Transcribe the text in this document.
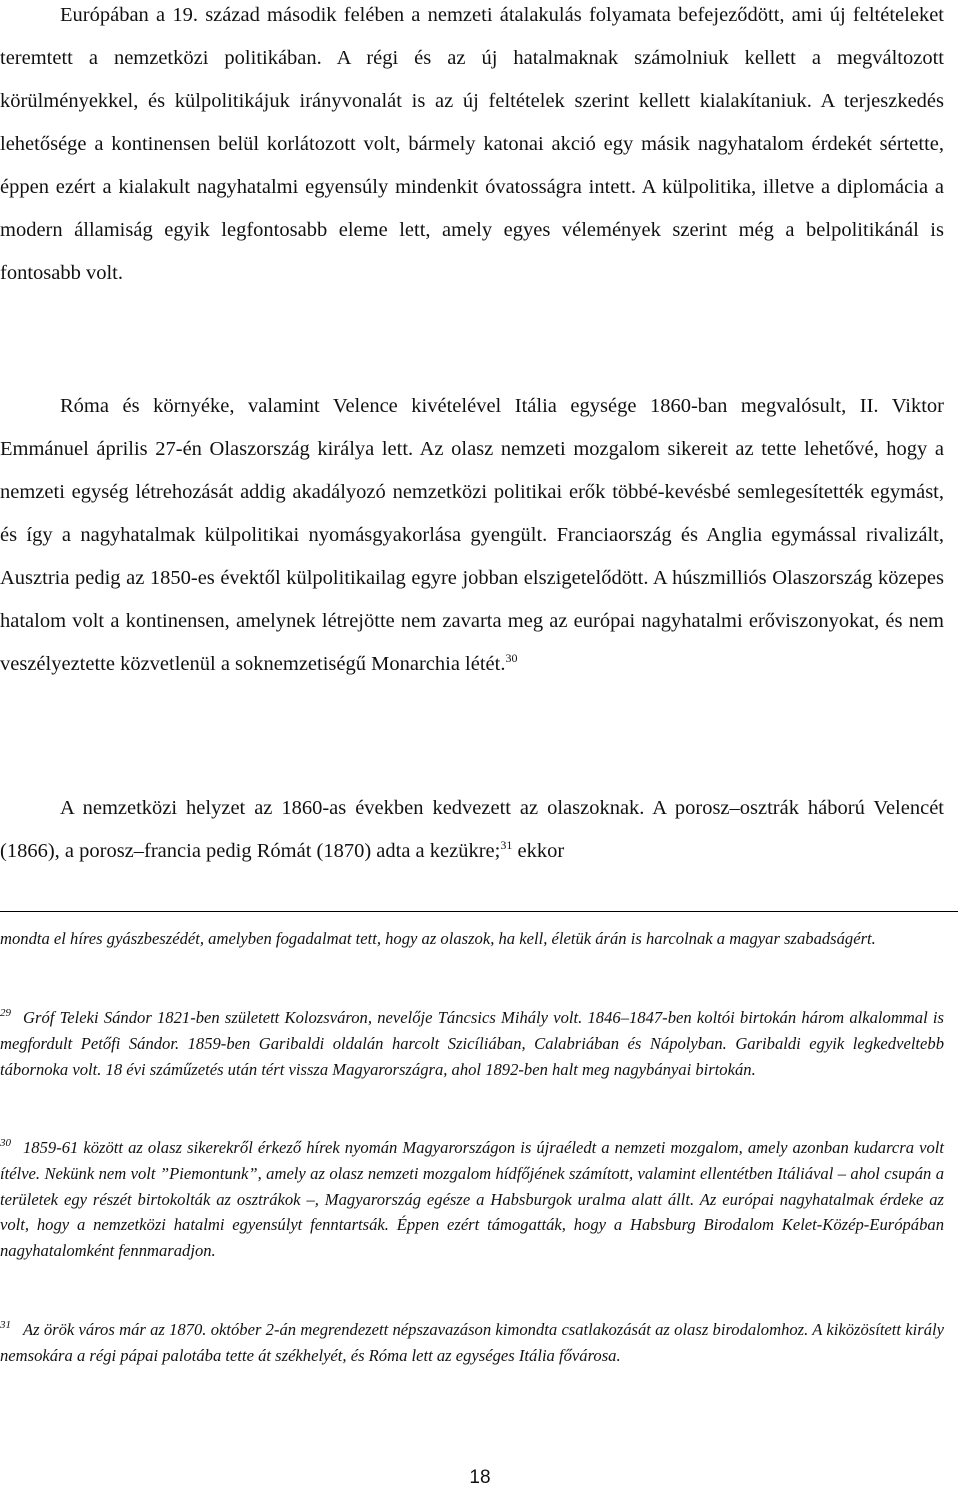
Európában a 19. század második felében a nemzeti átalakulás folyamata befejeződött, ami új feltételeket teremtett a nemzetközi politikában. A régi és az új hatalmaknak számolniuk kellett a megváltozott körülményekkel, és külpolitikájuk irányvonalát is az új feltételek szerint kellett kialakítaniuk. A terjeszkedés lehetősége a kontinensen belül korlátozott volt, bármely katonai akció egy másik nagyhatalom érdekét sértette, éppen ezért a kialakult nagyhatalmi egyensúly mindenkit óvatosságra intett. A külpolitika, illetve a diplomácia a modern államiság egyik legfontosabb eleme lett, amely egyes vélemények szerint még a belpolitikánál is fontosabb volt.

Róma és környéke, valamint Velence kivételével Itália egysége 1860-ban megvalósult, II. Viktor Emmánuel április 27-én Olaszország királya lett. Az olasz nemzeti mozgalom sikereit az tette lehetővé, hogy a nemzeti egység létrehozását addig akadályozó nemzetközi politikai erők többé-kevésbé semlegesítették egymást, és így a nagyhatalmak külpolitikai nyomásgyakorlása gyengült. Franciaország és Anglia egymással rivalizált, Ausztria pedig az 1850-es évektől külpolitikailag egyre jobban elszigetelődött. A húszmilliós Olaszország közepes hatalom volt a kontinensen, amelynek létrejötte nem zavarta meg az európai nagyhatalmi erőviszonyokat, és nem veszélyeztette közvetlenül a soknemzetiségű Monarchia létét.$^{30}$

A nemzetközi helyzet az 1860-as években kedvezett az olaszoknak. A porosz–osztrák háború Velencét (1866), a porosz–francia pedig Rómát (1870) adta a kezükre;$^{31}$ ekkor

mondta el híres gyászbeszédét, amelyben fogadalmat tett, hogy az olaszok, ha kell, életük árán is harcolnak a magyar szabadságért.

$^{29}$ Gróf Teleki Sándor 1821-ben született Kolozsváron, nevelője Táncsics Mihály volt. 1846–1847-ben koltói birtokán három alkalommal is megfordult Petőfi Sándor. 1859-ben Garibaldi oldalán harcolt Szicíliában, Calabriában és Nápolyban. Garibaldi egyik legkedveltebb tábornoka volt. 18 évi száműzetés után tért vissza Magyarországra, ahol 1892-ben halt meg nagybányai birtokán.

$^{30}$ 1859-61 között az olasz sikerekről érkező hírek nyomán Magyarországon is újraéledt a nemzeti mozgalom, amely azonban kudarcra volt ítélve. Nekünk nem volt ”Piemontunk”, amely az olasz nemzeti mozgalom hídfőjének számított, valamint ellentétben Itáliával – ahol csupán a területek egy részét birtokolták az osztrákok –, Magyarország egésze a Habsburgok uralma alatt állt. Az európai nagyhatalmak érdeke az volt, hogy a nemzetközi hatalmi egyensúlyt fenntartsák. Éppen ezért támogatták, hogy a Habsburg Birodalom Kelet-Közép-Európában nagyhatalomként fennmaradjon.

$^{31}$ Az örök város már az 1870. október 2-án megrendezett népszavazáson kimondta csatlakozását az olasz birodalomhoz. A kiközösített király nemsokára a régi pápai palotába tette át székhelyét, és Róma lett az egységes Itália fővárosa.

18
